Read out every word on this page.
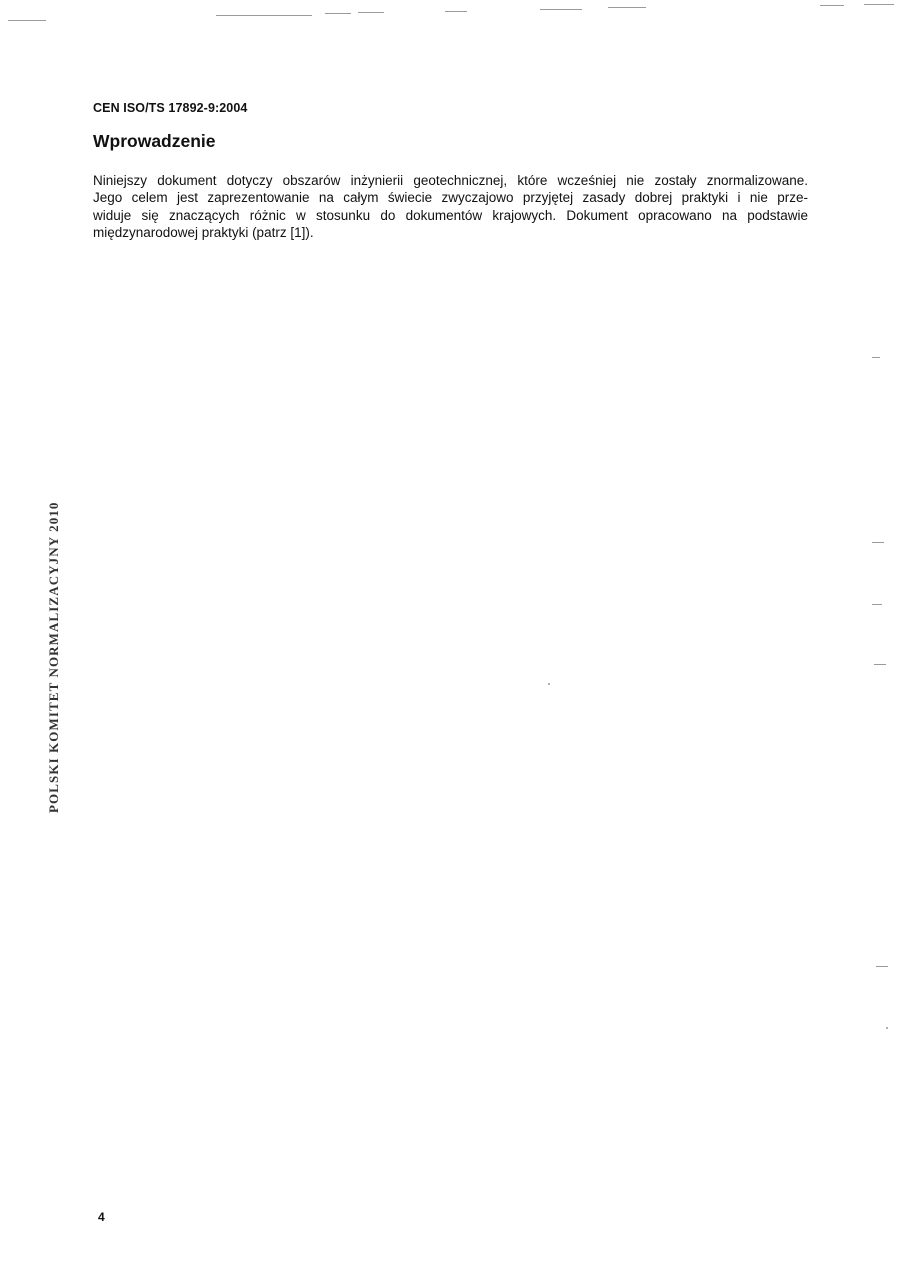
CEN ISO/TS 17892-9:2004
Wprowadzenie
Niniejszy dokument dotyczy obszarów inżynierii geotechnicznej, które wcześniej nie zostały znormalizowane.
Jego celem jest zaprezentowanie na całym świecie zwyczajowo przyjętej zasady dobrej praktyki i nie prze-
widuje się znaczących różnic w stosunku do dokumentów krajowych. Dokument opracowano na podstawie
międzynarodowej praktyki (patrz [1]).
POLSKI KOMITET NORMALIZACYJNY 2010
4
